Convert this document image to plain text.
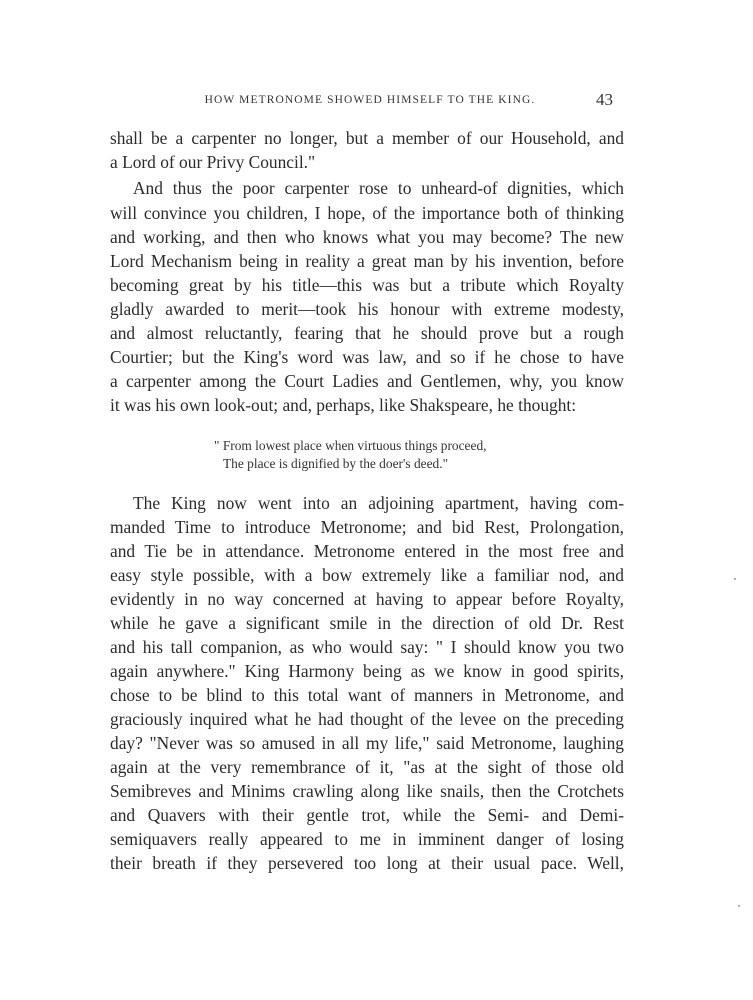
HOW METRONOME SHOWED HIMSELF TO THE KING.	43
shall be a carpenter no longer, but a member of our Household, and
a Lord of our Privy Council."
And thus the poor carpenter rose to unheard-of dignities, which
will convince you children, I hope, of the importance both of thinking
and working, and then who knows what you may become? The new
Lord Mechanism being in reality a great man by his invention, before
becoming great by his title—this was but a tribute which Royalty
gladly awarded to merit—took his honour with extreme modesty,
and almost reluctantly, fearing that he should prove but a rough
Courtier; but the King's word was law, and so if he chose to have
a carpenter among the Court Ladies and Gentlemen, why, you know
it was his own look-out; and, perhaps, like Shakspeare, he thought:
" From lowest place when virtuous things proceed,
The place is dignified by the doer's deed."
The King now went into an adjoining apartment, having com-
manded Time to introduce Metronome; and bid Rest, Prolongation,
and Tie be in attendance. Metronome entered in the most free and
easy style possible, with a bow extremely like a familiar nod, and
evidently in no way concerned at having to appear before Royalty,
while he gave a significant smile in the direction of old Dr. Rest
and his tall companion, as who would say: " I should know you two
again anywhere." King Harmony being as we know in good spirits,
chose to be blind to this total want of manners in Metronome, and
graciously inquired what he had thought of the levee on the preceding
day? "Never was so amused in all my life," said Metronome, laughing
again at the very remembrance of it, "as at the sight of those old
Semibreves and Minims crawling along like snails, then the Crotchets
and Quavers with their gentle trot, while the Semi- and Demi-
semiquavers really appeared to me in imminent danger of losing
their breath if they persevered too long at their usual pace. Well,
